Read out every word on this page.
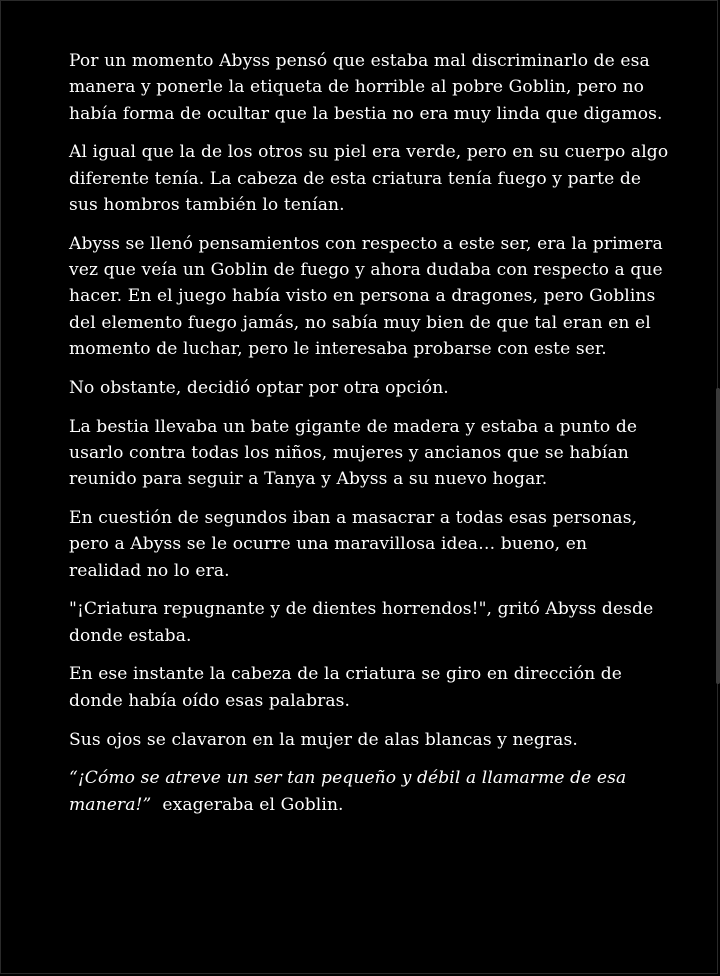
Por un momento Abyss pensó que estaba mal discriminarlo de esa
manera y ponerle la etiqueta de horrible al pobre Goblin, pero no
había forma de ocultar que la bestia no era muy linda que digamos.

Al igual que la de los otros su piel era verde, pero en su cuerpo algo
diferente tenía. La cabeza de esta criatura tenía fuego y parte de
sus hombros también lo tenían.

Abyss se llenó pensamientos con respecto a este ser, era la primera
vez que veía un Goblin de fuego y ahora dudaba con respecto a que
hacer. En el juego había visto en persona a dragones, pero Goblins
del elemento fuego jamás, no sabía muy bien de que tal eran en el
momento de luchar, pero le interesaba probarse con este ser.

No obstante, decidió optar por otra opción.

La bestia llevaba un bate gigante de madera y estaba a punto de
usarlo contra todas los niños, mujeres y ancianos que se habían
reunido para seguir a Tanya y Abyss a su nuevo hogar.

En cuestión de segundos iban a masacrar a todas esas personas,
pero a Abyss se le ocurre una maravillosa idea… bueno, en
realidad no lo era.

"¡Criatura repugnante y de dientes horrendos!", gritó Abyss desde
donde estaba.

En ese instante la cabeza de la criatura se giro en dirección de
donde había oído esas palabras.

Sus ojos se clavaron en la mujer de alas blancas y negras.

“¡Cómo se atreve un ser tan pequeño y débil a llamarme de esa
manera!”  exageraba el Goblin.
